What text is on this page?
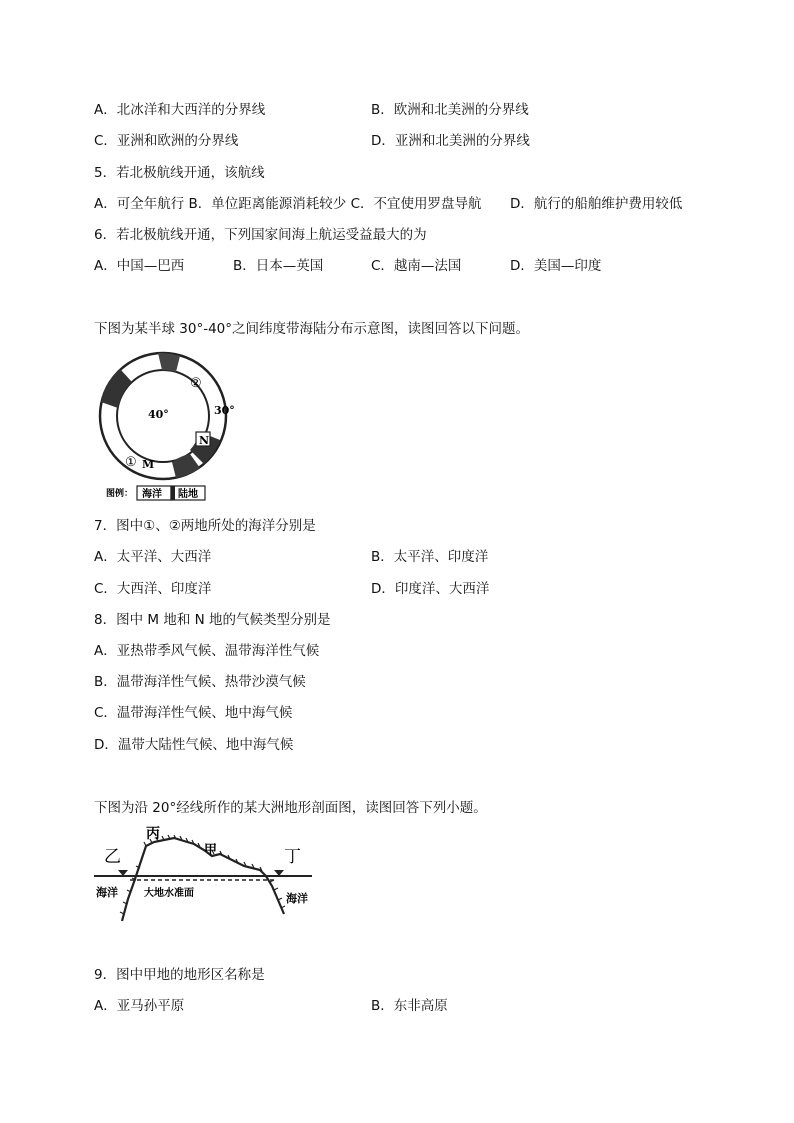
A．北冰洋和大西洋的分界线	B．欧洲和北美洲的分界线
C．亚洲和欧洲的分界线	D．亚洲和北美洲的分界线
5．若北极航线开通，该航线
A．可全年航行 B．单位距离能源消耗较少 C．不宜使用罗盘导航 D．航行的船舶维护费用较低
6．若北极航线开通，下列国家间海上航运受益最大的为
A．中国—巴西	B．日本—英国	C．越南—法国	D．美国—印度
下图为某半球 30°-40°之间纬度带海陆分布示意图，读图回答以下问题。
N
40°	30°
②
① M
图例： 海洋 陆地
7．图中①、②两地所处的海洋分别是
A．太平洋、大西洋	B．太平洋、印度洋
C．大西洋、印度洋	D．印度洋、大西洋
8．图中 M 地和 N 地的气候类型分别是
A．亚热带季风气候、温带海洋性气候
B．温带海洋性气候、热带沙漠气候
C．温带海洋性气候、地中海气候
D．温带大陆性气候、地中海气候
下图为沿 20°经线所作的某大洲地形剖面图，读图回答下列小题。
乙
丙
甲	丁
海洋	海洋
大地水准面
9．图中甲地的地形区名称是
A．亚马孙平原	B．东非高原
